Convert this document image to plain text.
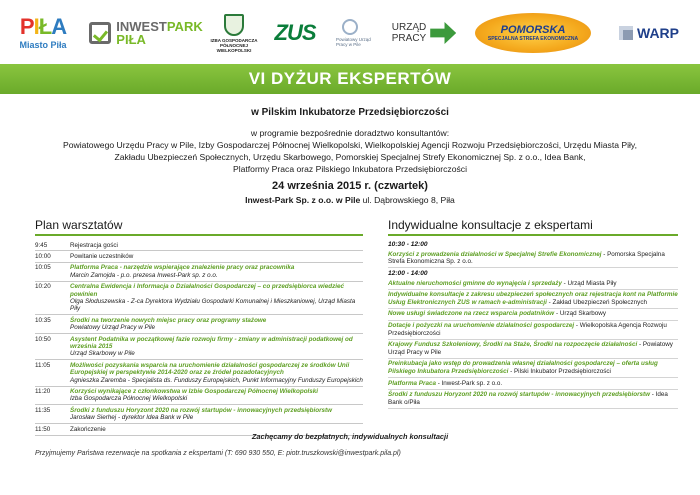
PIŁA
Miasto Piła
INWESTPARK
PIŁA	IZBA GOSPODARCZA PÓŁNOCNEJ WIELKOPOLSKI
ZUS	Powiatowy Urząd Pracy w Pile
URZĄD
PRACY
POMORSKA
SPECJALNA STREFA EKONOMICZNA	WARP
VI DYŻUR EKSPERTÓW
w Pilskim Inkubatorze Przedsiębiorczości
w programie bezpośrednie doradztwo konsultantów:
Powiatowego Urzędu Pracy w Pile, Izby Gospodarczej Północnej Wielkopolski, Wielkopolskiej Agencji Rozwoju Przedsiębiorczości, Urzędu Miasta Piły,
Zakładu Ubezpieczeń Społecznych, Urzędu Skarbowego, Pomorskiej Specjalnej Strefy Ekonomicznej Sp. z o.o., Idea Bank,
Platformy Praca oraz Pilskiego Inkubatora Przedsiębiorczości
24 września 2015 r. (czwartek)
Inwest-Park Sp. z o.o. w Pile ul. Dąbrowskiego 8, Piła
Plan warsztatów
9:45	Rejestracja gości
10:00	Powitanie uczestników
10:05	Platforma Praca - narzędzie wspierające znalezienie pracy oraz pracownika
Marcin Zamojda - p.o. prezesa Inwest-Park sp. z o.o.
10:20	Centralna Ewidencja i Informacja o Działalności Gospodarczej – co przedsiębiorca wiedzieć powinien
Olga Słoduszewska - Z-ca Dyrektora Wydziału Gospodarki Komunalnej i Mieszkaniowej, Urząd Miasta Piły
10:35	Środki na tworzenie nowych miejsc pracy oraz programy stażowe
Powiatowy Urząd Pracy w Pile
10:50	Asystent Podatnika w początkowej fazie rozwoju firmy - zmiany w administracji podatkowej od września 2015
Urząd Skarbowy w Pile
11:05	Możliwości pozyskania wsparcia na uruchomienie działalności gospodarczej ze środków Unii Europejskiej w perspektywie 2014-2020 oraz ze źródeł pozadotacyjnych
Agnieszka Zaremba - Specjalista ds. Funduszy Europejskich, Punkt Informacyjny Funduszy Europejskich
11:20	Korzyści wynikające z członkowstwa w Izbie Gospodarczej Północnej Wielkopolski
Izba Gospodarcza Północnej Wielkopolski
11:35	Środki z funduszu Horyzont 2020 na rozwój startupów - innowacyjnych przedsiębiorstw
Jarosław Sierhej - dyrektor Idea Bank w Pile
11:50	Zakończenie
Indywidualne konsultacje z ekspertami
10:30 - 12:00
Korzyści z prowadzenia działalności w Specjalnej Strefie Ekonomicznej - Pomorska Specjalna Strefa Ekonomiczna Sp. z o.o.
12:00 - 14:00
Aktualne nieruchomości gminne do wynajęcia i sprzedaży - Urząd Miasta Piły
Indywidualne konsultacje z zakresu ubezpieczeń społecznych oraz rejestracja kont na Platformie Usług Elektronicznych ZUS w ramach e-administracji - Zakład Ubezpieczeń Społecznych
Nowe usługi świadczone na rzecz wsparcia podatników - Urząd Skarbowy
Dotacje i pożyczki na uruchomienie działalności gospodarczej - Wielkopolska Agencja Rozwoju Przedsiębiorczości
Krajowy Fundusz Szkoleniowy, Środki na Staże, Środki na rozpoczęcie działalności - Powiatowy Urząd Pracy w Pile
Preinkubacja jako wstęp do prowadzenia własnej działalności gospodarczej – oferta usług Pilskiego Inkubatora Przedsiębiorczości - Pilski Inkubator Przedsiębiorczości
Platforma Praca - Inwest-Park sp. z o.o.
Środki z funduszu Horyzont 2020 na rozwój startupów - innowacyjnych przedsiębiorstw - Idea Bank o/Piła
Zachęcamy do bezpłatnych, indywidualnych konsultacji
Przyjmujemy Państwa rezerwacje na spotkania z ekspertami (T: 690 930 550, E: piotr.truszkowski@inwestpark.pila.pl)
